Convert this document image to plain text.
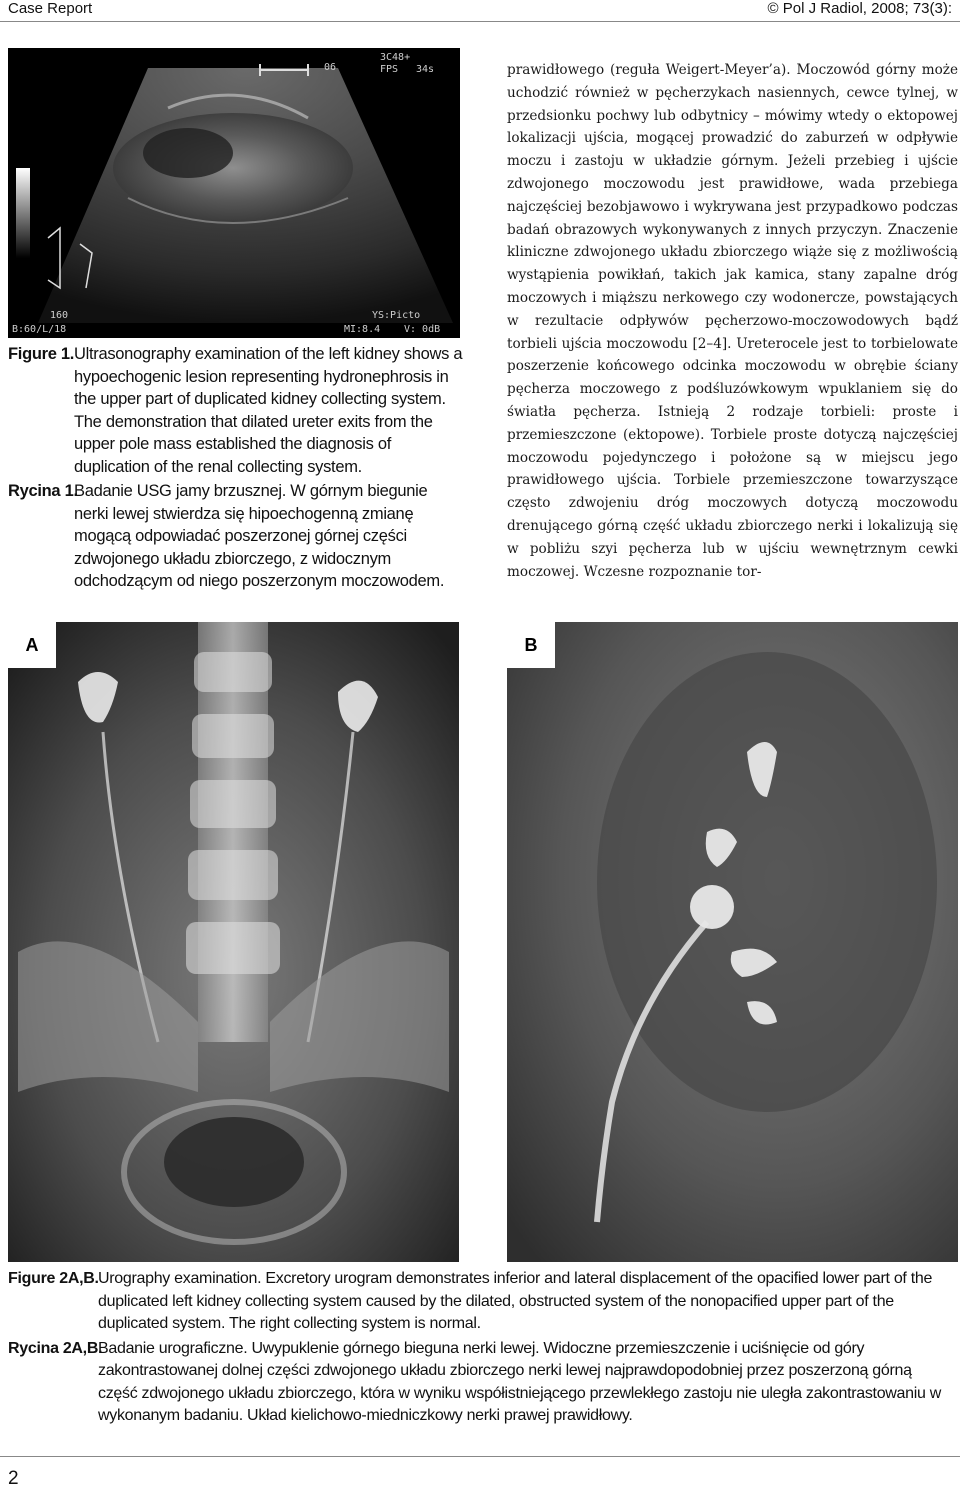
Case Report	© Pol J Radiol, 2008; 73(3):
06
3C48+
FPS 34s
160
B:60/L/18
YS:Picto
MI:8.4 V: 0dB
Figure 1. Ultrasonography examination of the left kidney shows a hypoechogenic lesion representing hydronephrosis in the upper part of duplicated kidney collecting system. The demonstration that dilated ureter exits from the upper pole mass established the diagnosis of duplication of the renal collecting system.
Rycina 1.
Badanie USG jamy brzusznej. W górnym biegunie nerki lewej stwierdza się hipoechogenną zmianę mogącą odpowiadać poszerzonej górnej części zdwojonego układu zbiorczego, z widocznym odchodzącym od niego poszerzonym moczowodem.
prawidłowego (reguła Weigert-Meyer’a). Moczowód górny może uchodzić również w pęcherzykach nasiennych, cewce tylnej, w przedsionku pochwy lub odbytnicy – mówimy wtedy o ektopowej lokalizacji ujścia, mogącej prowadzić do zaburzeń w odpływie moczu i zastoju w układzie górnym. Jeżeli przebieg i ujście zdwojonego moczowodu jest prawidłowe, wada przebiega najczęściej bezobjawowo i wykrywana jest przypadkowo podczas badań obrazowych wykonywanych z innych przyczyn. Znaczenie kliniczne zdwojonego układu zbiorczego wiąże się z możliwością wystąpienia powikłań, takich jak kamica, stany zapalne dróg moczowych i miąższu nerkowego czy wodonercze, powstających w rezultacie odpływów pęcherzowo-moczowodowych bądź torbieli ujścia moczowodu [2–4]. Ureterocele jest to torbielowate poszerzenie końcowego odcinka moczowodu w obrębie ściany pęcherza moczowego z podśluzówkowym wpuklaniem się do światła pęcherza. Istnieją 2 rodzaje torbieli: proste i przemieszczone (ektopowe). Torbiele proste dotyczą najczęściej moczowodu pojedynczego i położone są w miejscu jego prawidłowego ujścia. Torbiele przemieszczone towarzyszące często zdwojeniu dróg moczowych dotyczą moczowodu drenującego górną część układu zbiorczego nerki i lokalizują się w pobliżu szyi pęcherza lub w ujściu wewnętrznym cewki moczowej. Wczesne rozpoznanie tor-
A	B
Figure 2A,B. Urography examination. Excretory urogram demonstrates inferior and lateral displacement of the opacified lower part of the duplicated left kidney collecting system caused by the dilated, obstructed system of the nonopacified upper part of the duplicated system. The right collecting system is normal.
Rycina 2A,B.
Badanie urograficzne. Uwypuklenie górnego bieguna nerki lewej. Widoczne przemieszczenie i uciśnięcie od góry zakontrastowanej dolnej części zdwojonego układu zbiorczego nerki lewej najprawdopodobniej przez poszerzoną górną część zdwojonego układu zbiorczego, która w wyniku współistniejącego przewlekłego zastoju nie uległa zakontrastowaniu w wykonanym badaniu. Układ kielichowo-miedniczkowy nerki prawej prawidłowy.
2
